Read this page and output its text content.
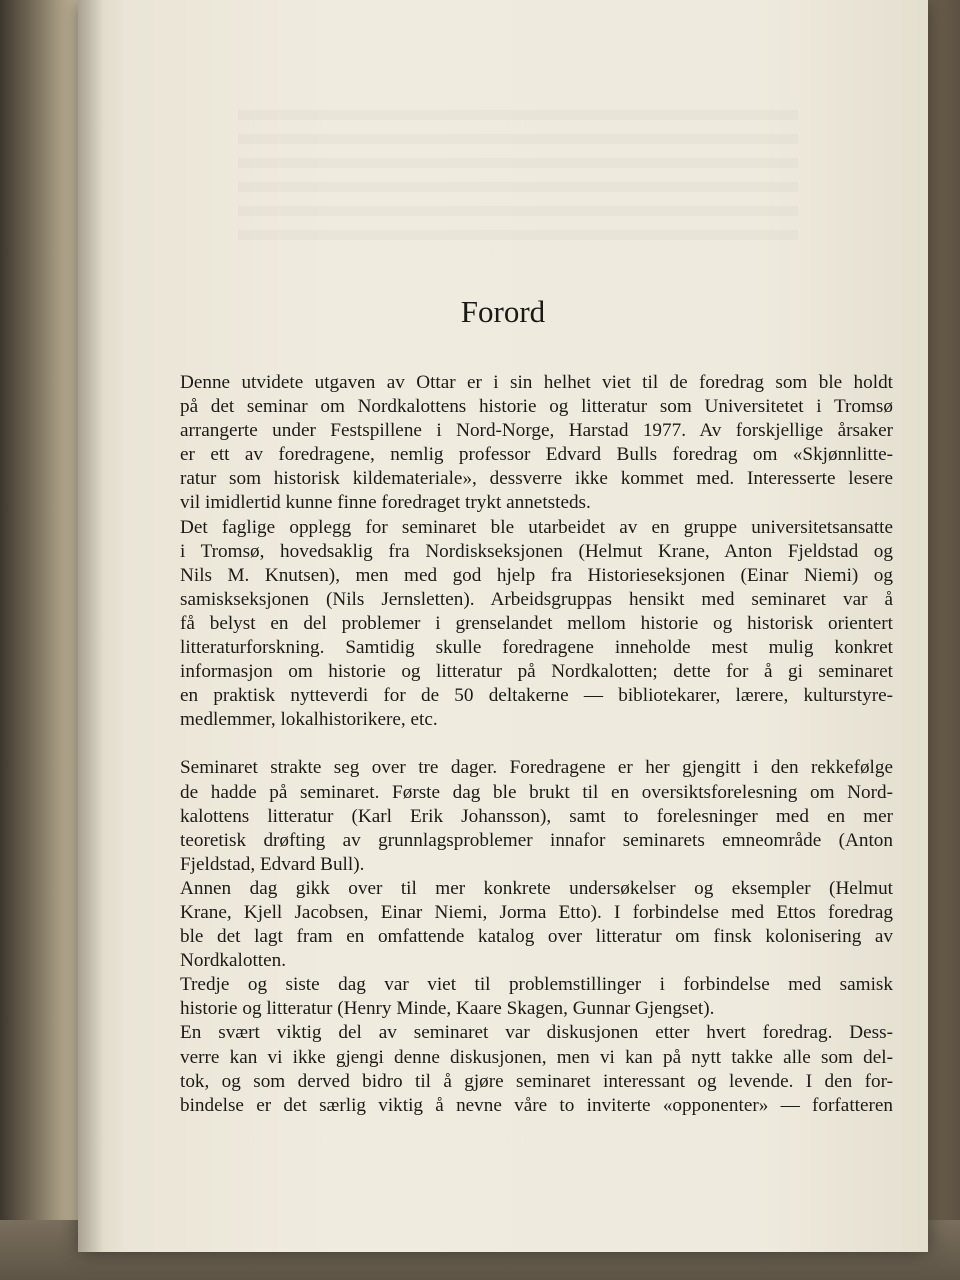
Forord

Denne utvidete utgaven av Ottar er i sin helhet viet til de foredrag som ble holdt
på det seminar om Nordkalottens historie og litteratur som Universitetet i Tromsø
arrangerte under Festspillene i Nord-Norge, Harstad 1977. Av forskjellige årsaker
er ett av foredragene, nemlig professor Edvard Bulls foredrag om «Skjønnlitte-
ratur som historisk kildemateriale», dessverre ikke kommet med. Interesserte lesere
vil imidlertid kunne finne foredraget trykt annetsteds.

Det faglige opplegg for seminaret ble utarbeidet av en gruppe universitetsansatte
i Tromsø, hovedsaklig fra Nordiskseksjonen (Helmut Krane, Anton Fjeldstad og
Nils M. Knutsen), men med god hjelp fra Historieseksjonen (Einar Niemi) og
samiskseksjonen (Nils Jernsletten). Arbeidsgruppas hensikt med seminaret var å
få belyst en del problemer i grenselandet mellom historie og historisk orientert
litteraturforskning. Samtidig skulle foredragene inneholde mest mulig konkret
informasjon om historie og litteratur på Nordkalotten; dette for å gi seminaret
en praktisk nytteverdi for de 50 deltakerne — bibliotekarer, lærere, kulturstyre-
medlemmer, lokalhistorikere, etc.

Seminaret strakte seg over tre dager. Foredragene er her gjengitt i den rekkefølge
de hadde på seminaret. Første dag ble brukt til en oversiktsforelesning om Nord-
kalottens litteratur (Karl Erik Johansson), samt to forelesninger med en mer
teoretisk drøfting av grunnlagsproblemer innafor seminarets emneområde (Anton
Fjeldstad, Edvard Bull).

Annen dag gikk over til mer konkrete undersøkelser og eksempler (Helmut
Krane, Kjell Jacobsen, Einar Niemi, Jorma Etto). I forbindelse med Ettos foredrag
ble det lagt fram en omfattende katalog over litteratur om finsk kolonisering av
Nordkalotten.

Tredje og siste dag var viet til problemstillinger i forbindelse med samisk
historie og litteratur (Henry Minde, Kaare Skagen, Gunnar Gjengset).

En svært viktig del av seminaret var diskusjonen etter hvert foredrag. Dess-
verre kan vi ikke gjengi denne diskusjonen, men vi kan på nytt takke alle som del-
tok, og som derved bidro til å gjøre seminaret interessant og levende. I den for-
bindelse er det særlig viktig å nevne våre to inviterte «opponenter» — forfatteren
